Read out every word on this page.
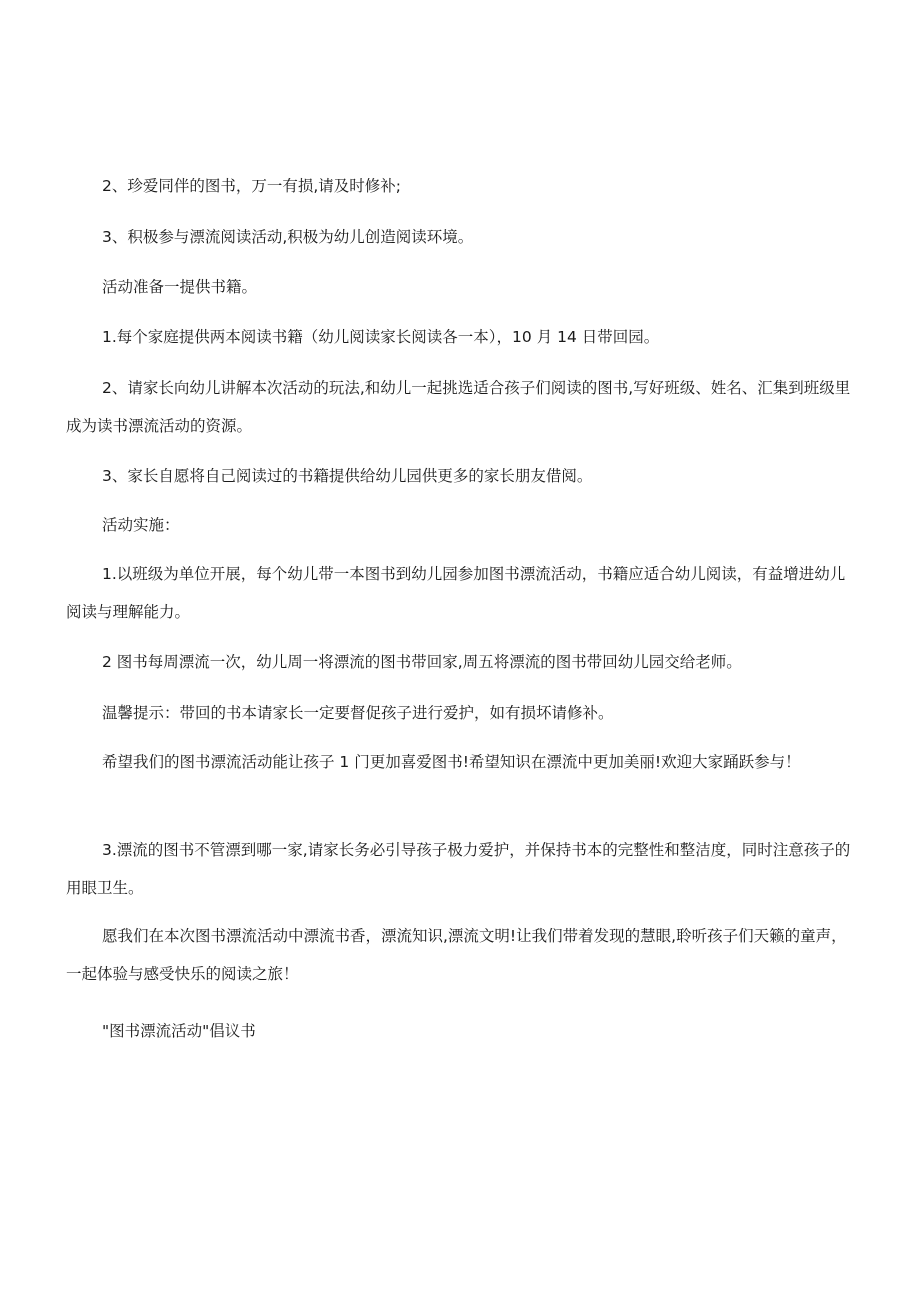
2、珍爱同伴的图书，万一有损,请及时修补;

3、积极参与漂流阅读活动,积极为幼儿创造阅读环境。

活动准备一提供书籍。

1.每个家庭提供两本阅读书籍（幼儿阅读家长阅读各一本），10 月 14 日带回园。

2、请家长向幼儿讲解本次活动的玩法,和幼儿一起挑选适合孩子们阅读的图书,写好班级、姓名、汇集到班级里成为读书漂流活动的资源。

3、家长自愿将自己阅读过的书籍提供给幼儿园供更多的家长朋友借阅。

活动实施：

1.以班级为单位开展，每个幼儿带一本图书到幼儿园参加图书漂流活动，书籍应适合幼儿阅读，有益增进幼儿阅读与理解能力。

2 图书每周漂流一次，幼儿周一将漂流的图书带回家,周五将漂流的图书带回幼儿园交给老师。

温馨提示：带回的书本请家长一定要督促孩子进行爱护，如有损坏请修补。

希望我们的图书漂流活动能让孩子 1 门更加喜爱图书!希望知识在漂流中更加美丽!欢迎大家踊跃参与！

3.漂流的图书不管漂到哪一家,请家长务必引导孩子极力爱护，并保持书本的完整性和整洁度，同时注意孩子的用眼卫生。

愿我们在本次图书漂流活动中漂流书香，漂流知识,漂流文明!让我们带着发现的慧眼,聆听孩子们天籁的童声，一起体验与感受快乐的阅读之旅！

"图书漂流活动"倡议书
